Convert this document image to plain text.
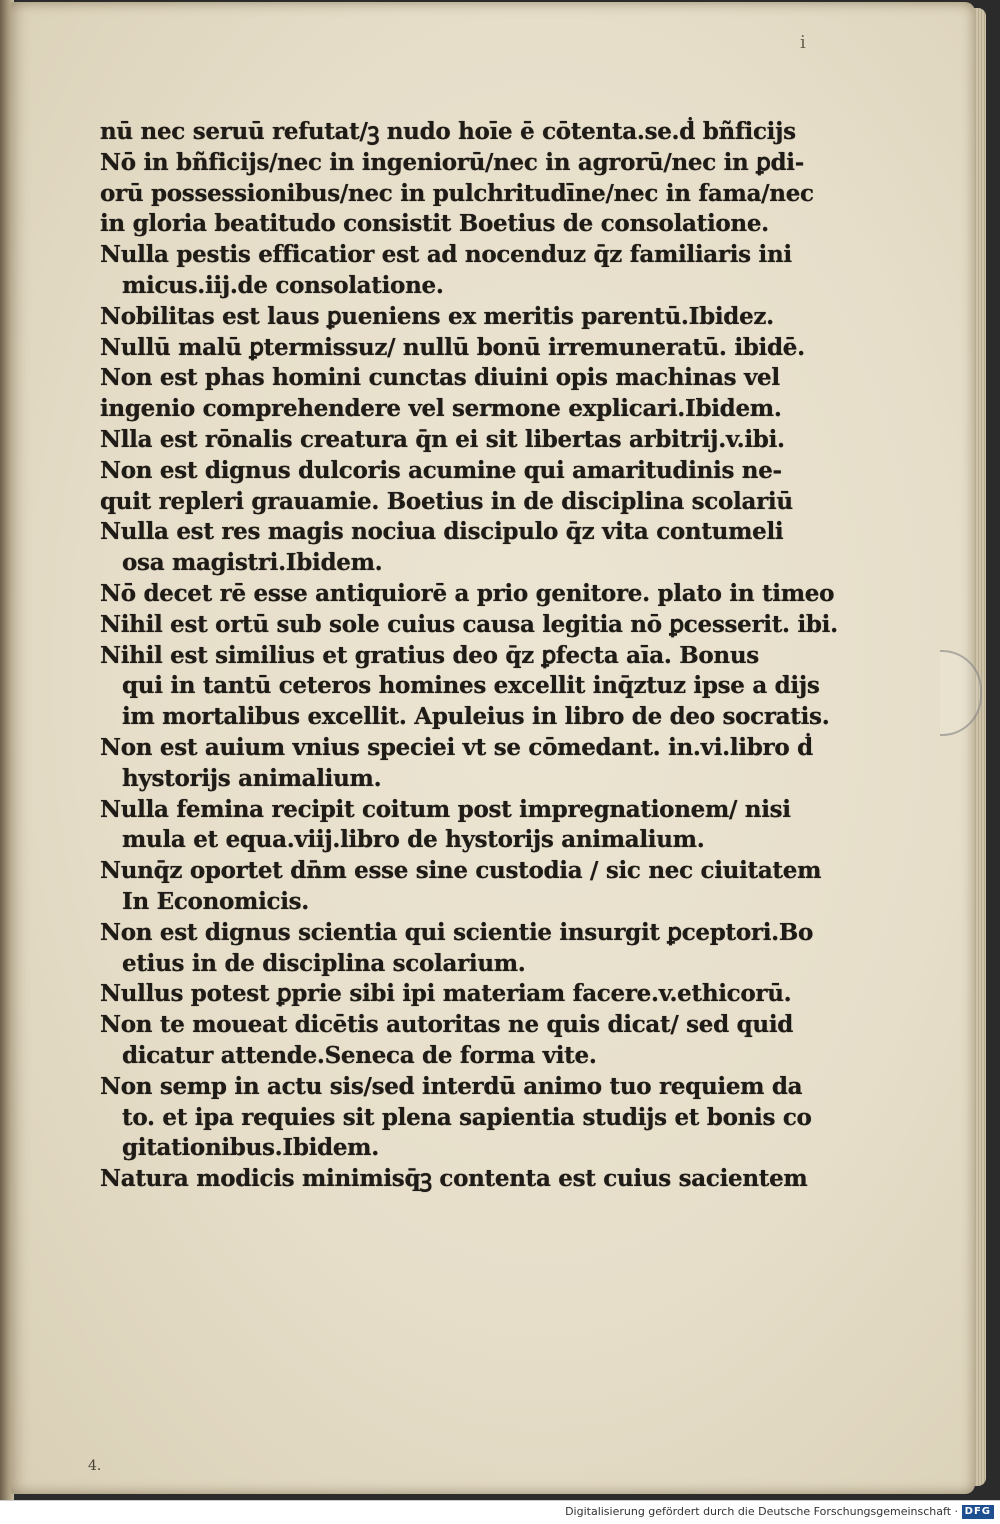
i
nū nec seruū refutat/ꝫ nudo hoīe ē cōtenta.se.ḋ bñficijs
Nō in bñficijs/nec in ingeniorū/nec in agrorū/nec in ꝑdi-
orū possessionibus/nec in pulchritudīne/nec in fama/nec
in gloria beatitudo consistit Boetius de consolatione.
Nulla pestis efficatior est ad nocenduz q̄z familiaris ini
micus.iij.de consolatione.
Nobilitas est laus ꝑueniens ex meritis parentū.Ibidez.
Nullū malū ꝑtermissuz/ nullū bonū irremuneratū. ibidē.
Non est phas homini cunctas diuini opis machinas vel
ingenio comprehendere vel sermone explicari.Ibidem.
Nlla est rōnalis creatura q̄n ei sit libertas arbitrij.v.ibi.
Non est dignus dulcoris acumine qui amaritudinis ne-
quit repleri grauamie. Boetius in de disciplina scolariū
Nulla est res magis nociua discipulo q̄z vita contumeli
osa magistri.Ibidem.
Nō decet rē esse antiquiorē a prio genitore. plato in timeo
Nihil est ortū sub sole cuius causa legitia nō ꝑcesserit. ibi.
Nihil est similius et gratius deo q̄z ꝑfecta aīa. Bonus
qui in tantū ceteros homines excellit inq̄ztuz ipse a dijs
im mortalibus excellit. Apuleius in libro de deo socratis.
Non est auium vnius speciei vt se cōmedant. in.vi.libro ḋ
hystorijs animalium.
Nulla femina recipit coitum post impregnationem/ nisi
mula et equa.viij.libro de hystorijs animalium.
Nunq̄z oportet dn̄m esse sine custodia / sic nec ciuitatem
In Economicis.
Non est dignus scientia qui scientie insurgit ꝑceptori.Bo
etius in de disciplina scolarium.
Nullus potest ꝑprie sibi ipi materiam facere.v.ethicorū.
Non te moueat dicētis autoritas ne quis dicat/ sed quid
dicatur attende.Seneca de forma vite.
Non semp in actu sis/sed interdū animo tuo requiem da
to. et ipa requies sit plena sapientia studijs et bonis co
gitationibus.Ibidem.
Natura modicis minimisq̄ꝫ contenta est cuius sacientem
4.
Digitalisierung gefördert durch die Deutsche Forschungsgemeinschaft · DFG
